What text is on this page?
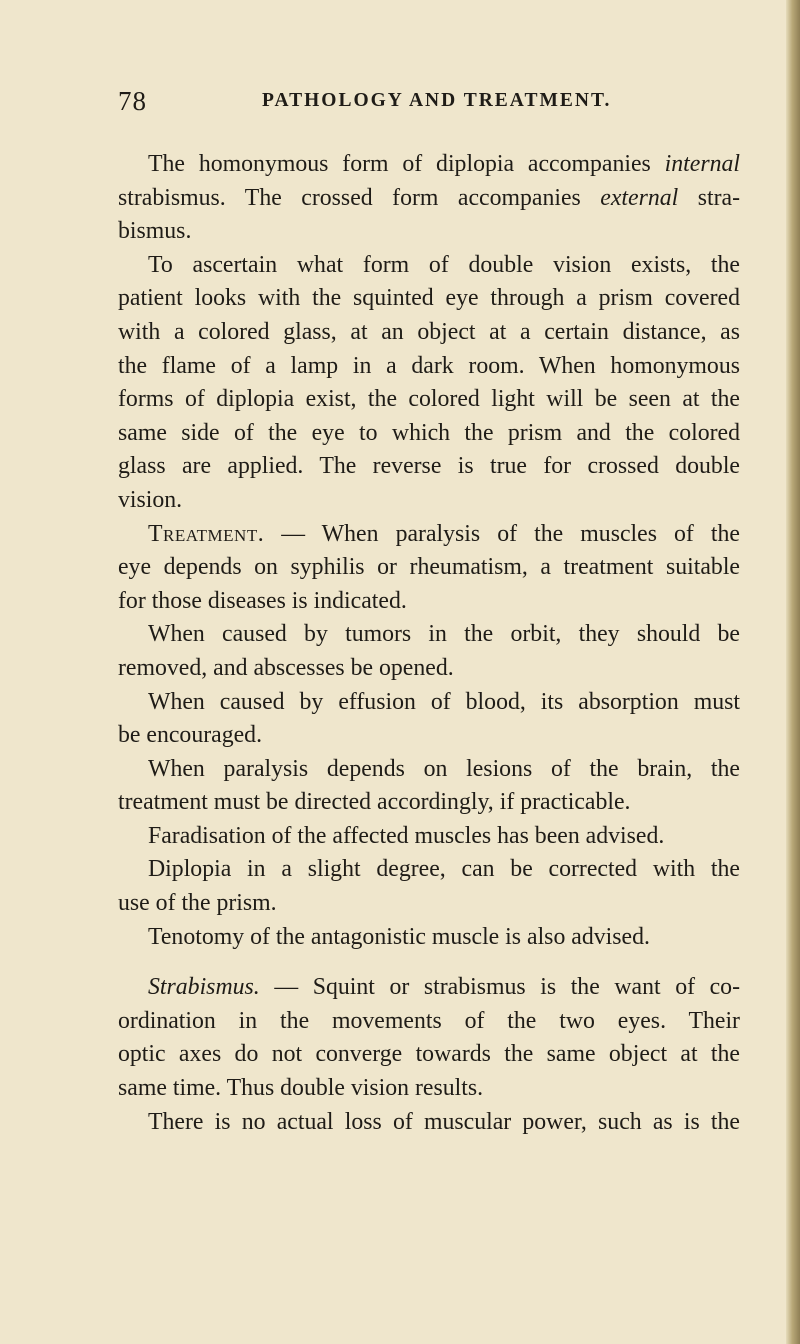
78	PATHOLOGY AND TREATMENT.
The homonymous form of diplopia accompanies internal
strabismus. The crossed form accompanies external stra-
bismus.
To ascertain what form of double vision exists, the
patient looks with the squinted eye through a prism covered
with a colored glass, at an object at a certain distance, as
the flame of a lamp in a dark room. When homonymous
forms of diplopia exist, the colored light will be seen at the
same side of the eye to which the prism and the colored
glass are applied. The reverse is true for crossed double
vision.
Treatment. — When paralysis of the muscles of the
eye depends on syphilis or rheumatism, a treatment suitable
for those diseases is indicated.
When caused by tumors in the orbit, they should be
removed, and abscesses be opened.
When caused by effusion of blood, its absorption must
be encouraged.
When paralysis depends on lesions of the brain, the
treatment must be directed accordingly, if practicable.
Faradisation of the affected muscles has been advised.
Diplopia in a slight degree, can be corrected with the
use of the prism.
Tenotomy of the antagonistic muscle is also advised.
Strabismus. — Squint or strabismus is the want of co-
ordination in the movements of the two eyes. Their
optic axes do not converge towards the same object at the
same time. Thus double vision results.
There is no actual loss of muscular power, such as is the
